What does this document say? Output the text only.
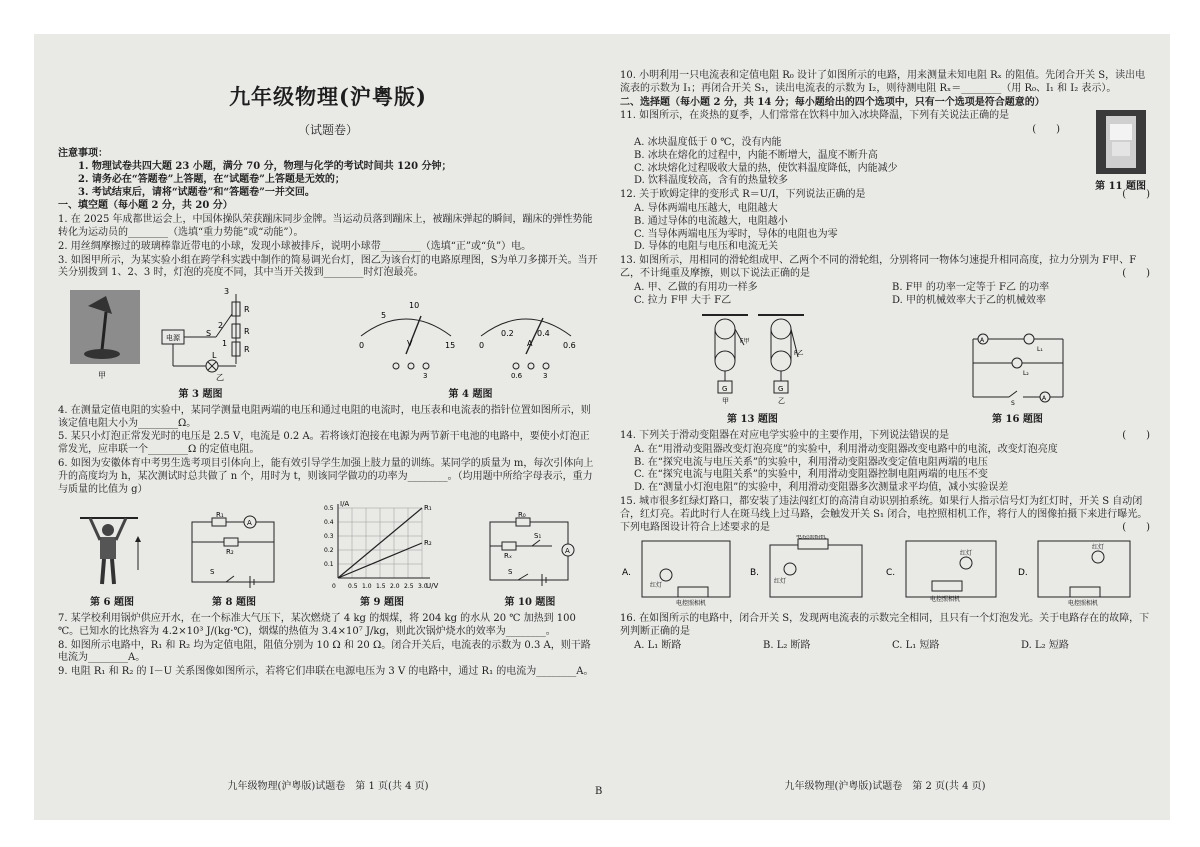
九年级物理(沪粤版)
（试题卷）
注意事项：
1. 物理试卷共四大题 23 小题，满分 70 分，物理与化学的考试时间共 120 分钟；
2. 请务必在“答题卷”上答题，在“试题卷”上答题是无效的；
3. 考试结束后，请将“试题卷”和“答题卷”一并交回。
一、填空题（每小题 2 分，共 20 分）
1. 在 2025 年成都世运会上，中国体操队荣获蹦床同步金牌。当运动员落到蹦床上，被蹦床弹起的瞬间，蹦床的弹性势能转化为运动员的________（选填“重力势能”或“动能”）。
2. 用丝绸摩擦过的玻璃棒靠近带电的小球，发现小球被排斥，说明小球带________（选填“正”或“负”）电。
3. 如图甲所示，为某实验小组在跨学科实践中制作的简易调光台灯，图乙为该台灯的电路原理图，S为单刀多掷开关。当开关分别拨到 1、2、3 时，灯泡的亮度不同，其中当开关拨到________时灯泡最亮。
甲
电源
乙
R
R
R
3
2
1
L
S
第 3 题图
0
5
10
15
V	0
0.2	0.4
0.6
A
0.6	3
3
第 4 题图
4. 在测量定值电阻的实验中，某同学测量电阻两端的电压和通过电阻的电流时，电压表和电流表的指针位置如图所示，则该定值电阻大小为________Ω。
5. 某只小灯泡正常发光时的电压是 2.5 V，电流是 0.2 A。若将该灯泡接在电源为两节新干电池的电路中，要使小灯泡正常发光，应串联一个________Ω 的定值电阻。
6. 如图为安徽体育中考男生选考项目引体向上，能有效引导学生加强上肢力量的训练。某同学的质量为 m，每次引体向上升的高度均为 h，某次测试时总共做了 n 个，用时为 t，则该同学做功的功率为________。（均用题中所给字母表示，重力与质量的比值为 g）
第 6 题图
R₁
A
R₂
S
第 8 题图
R₁
R₂
I/A
U/V
0 0.5 1.0 1.5 2.0 2.5 3.0
0.1
0.2
0.3
0.4
0.5
第 9 题图
R₀
Rₓ
S₁
A
S
第 10 题图
7. 某学校利用锅炉供应开水，在一个标准大气压下，某次燃烧了 4 kg 的烟煤，将 204 kg 的水从 20 ℃ 加热到 100 ℃。已知水的比热容为 4.2×10³ J/(kg·℃)，烟煤的热值为 3.4×10⁷ J/kg，则此次锅炉烧水的效率为________。
8. 如图所示电路中，R₁ 和 R₂ 均为定值电阻，阻值分别为 10 Ω 和 20 Ω。闭合开关后，电流表的示数为 0.3 A，则干路电流为________A。
9. 电阻 R₁ 和 R₂ 的 I－U 关系图像如图所示，若将它们串联在电源电压为 3 V 的电路中，通过 R₁ 的电流为________A。
九年级物理(沪粤版)试题卷　第 1 页(共 4 页)	B
10. 小明利用一只电流表和定值电阻 R₀ 设计了如图所示的电路，用来测量未知电阻 Rₓ 的阻值。先闭合开关 S，读出电流表的示数为 I₁；再闭合开关 S₁，读出电流表的示数为 I₂，则待测电阻 Rₓ＝________（用 R₀、I₁ 和 I₂ 表示）。
二、选择题（每小题 2 分，共 14 分；每小题给出的四个选项中，只有一个选项是符合题意的）
11. 如图所示，在炎热的夏季，人们常常在饮料中加入冰块降温，下列有关说法正确的是
(　　)
A. 冰块温度低于 0 ℃，没有内能
B. 冰块在熔化的过程中，内能不断增大，温度不断升高
C. 冰块熔化过程吸收大量的热，使饮料温度降低，内能减少
D. 饮料温度较高，含有的热量较多
第 11 题图
12. 关于欧姆定律的变形式 R＝U/I，下列说法正确的是	(　　)
A. 导体两端电压越大，电阻越大
B. 通过导体的电流越大，电阻越小
C. 当导体两端电压为零时，导体的电阻也为零
D. 导体的电阻与电压和电流无关
13. 如图所示，用相同的滑轮组成甲、乙两个不同的滑轮组，分别将同一物体匀速提升相同高度，拉力分别为 F甲、F乙，不计绳重及摩擦，则以下说法正确的是	(　　)
A. 甲、乙做的有用功一样多	B. F甲 的功率一定等于 F乙 的功率
C. 拉力 F甲 大于 F乙	D. 甲的机械效率大于乙的机械效率
G	G
F甲
F乙
甲	乙
第 13 题图
A
A
L₁
L₂
S
第 16 题图
14. 下列关于滑动变阻器在对应电学实验中的主要作用，下列说法错误的是	(　　)
A. 在“用滑动变阻器改变灯泡亮度”的实验中，利用滑动变阻器改变电路中的电流，改变灯泡亮度
B. 在“探究电流与电压关系”的实验中，利用滑动变阻器改变定值电阻两端的电压
C. 在“探究电流与电阻关系”的实验中，利用滑动变阻器控制电阻两端的电压不变
D. 在“测量小灯泡电阻”的实验中，利用滑动变阻器多次测量求平均值，减小实验误差
15. 城市很多红绿灯路口，都安装了违法闯红灯的高清自动识别拍系统。如果行人指示信号灯为红灯时，开关 S 自动闭合，红灯亮。若此时行人在斑马线上过马路，会触发开关 S₁ 闭合，电控照相机工作，将行人的图像拍摄下来进行曝光。下列电路图设计符合上述要求的是	(　　)
A.	B.	C.	D.
红灯
电控照相机
红灯
电控照相机
红灯
电控照相机
红灯
电控照相机
16. 在如图所示的电路中，闭合开关 S，发现两电流表的示数完全相同，且只有一个灯泡发光。关于电路存在的故障，下列判断正确的是
A. L₁ 断路	B. L₂ 断路	C. L₁ 短路	D. L₂ 短路
九年级物理(沪粤版)试题卷　第 2 页(共 4 页)
